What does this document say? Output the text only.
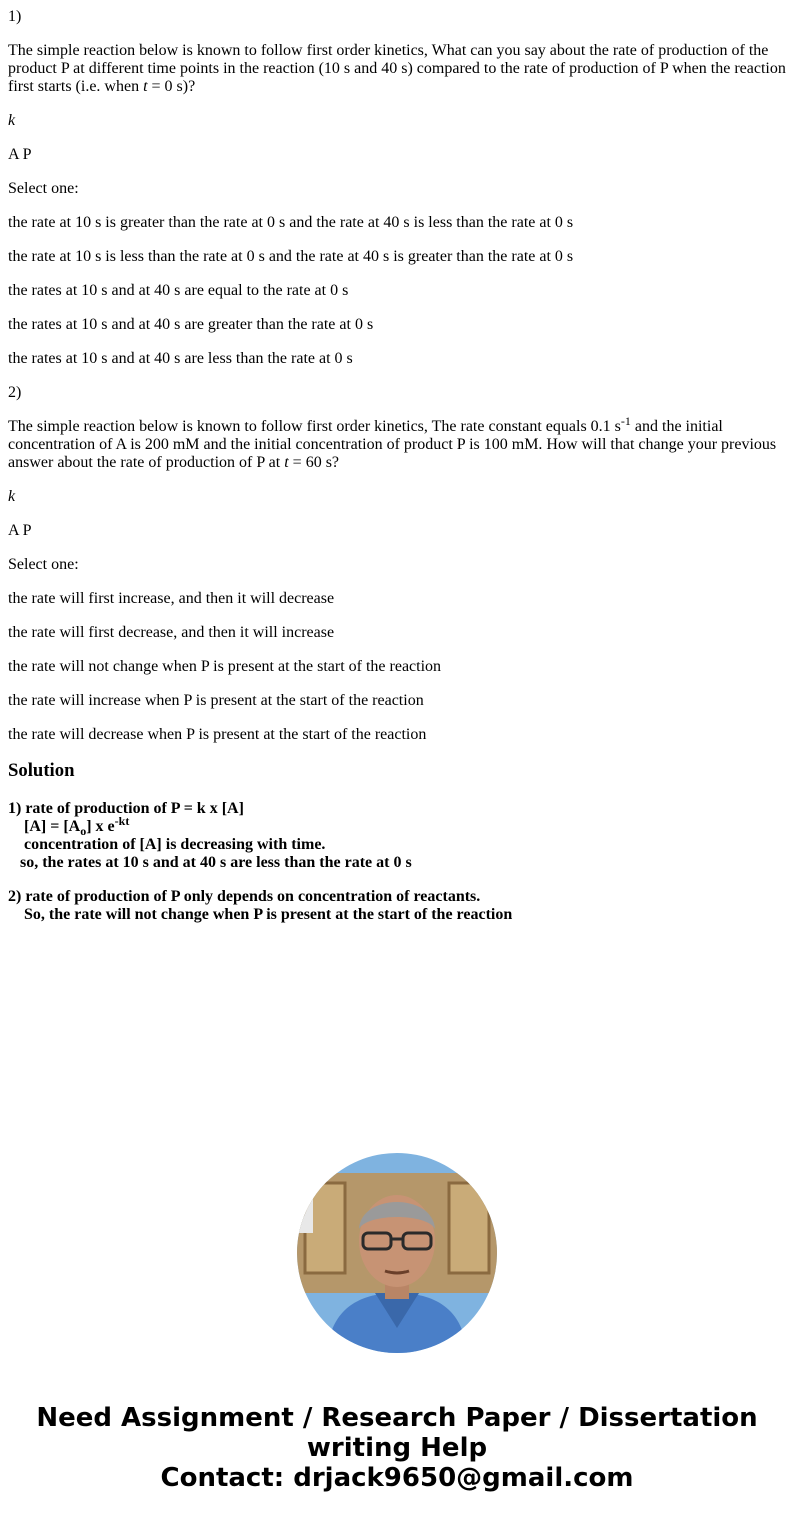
1)

The simple reaction below is known to follow first order kinetics, What can you say about the rate of production of the product P at different time points in the reaction (10 s and 40 s) compared to the rate of production of P when the reaction first starts (i.e. when t = 0 s)?

k

A P

Select one:

the rate at 10 s is greater than the rate at 0 s and the rate at 40 s is less than the rate at 0 s

the rate at 10 s is less than the rate at 0 s and the rate at 40 s is greater than the rate at 0 s

the rates at 10 s and at 40 s are equal to the rate at 0 s

the rates at 10 s and at 40 s are greater than the rate at 0 s

the rates at 10 s and at 40 s are less than the rate at 0 s

2)

The simple reaction below is known to follow first order kinetics, The rate constant equals 0.1 $s^{-1}$ and the initial concentration of A is 200 mM and the initial concentration of product P is 100 mM. How will that change your previous answer about the rate of production of P at t = 60 s?

k

A P

Select one:

the rate will first increase, and then it will decrease

the rate will first decrease, and then it will increase

the rate will not change when P is present at the start of the reaction

the rate will increase when P is present at the start of the reaction

the rate will decrease when P is present at the start of the reaction

Solution
1) rate of production of P = k x [A]
$[A] = [A_o]$ x $e^{-kt}$
concentration of [A] is decreasing with time.
so, the rates at 10 s and at 40 s are less than the rate at 0 s
2) rate of production of P only depends on concentration of reactants.
So, the rate will not change when P is present at the start of the reaction
Need Assignment / Research Paper / Dissertation
writing Help
Contact: drjack9650@gmail.com
